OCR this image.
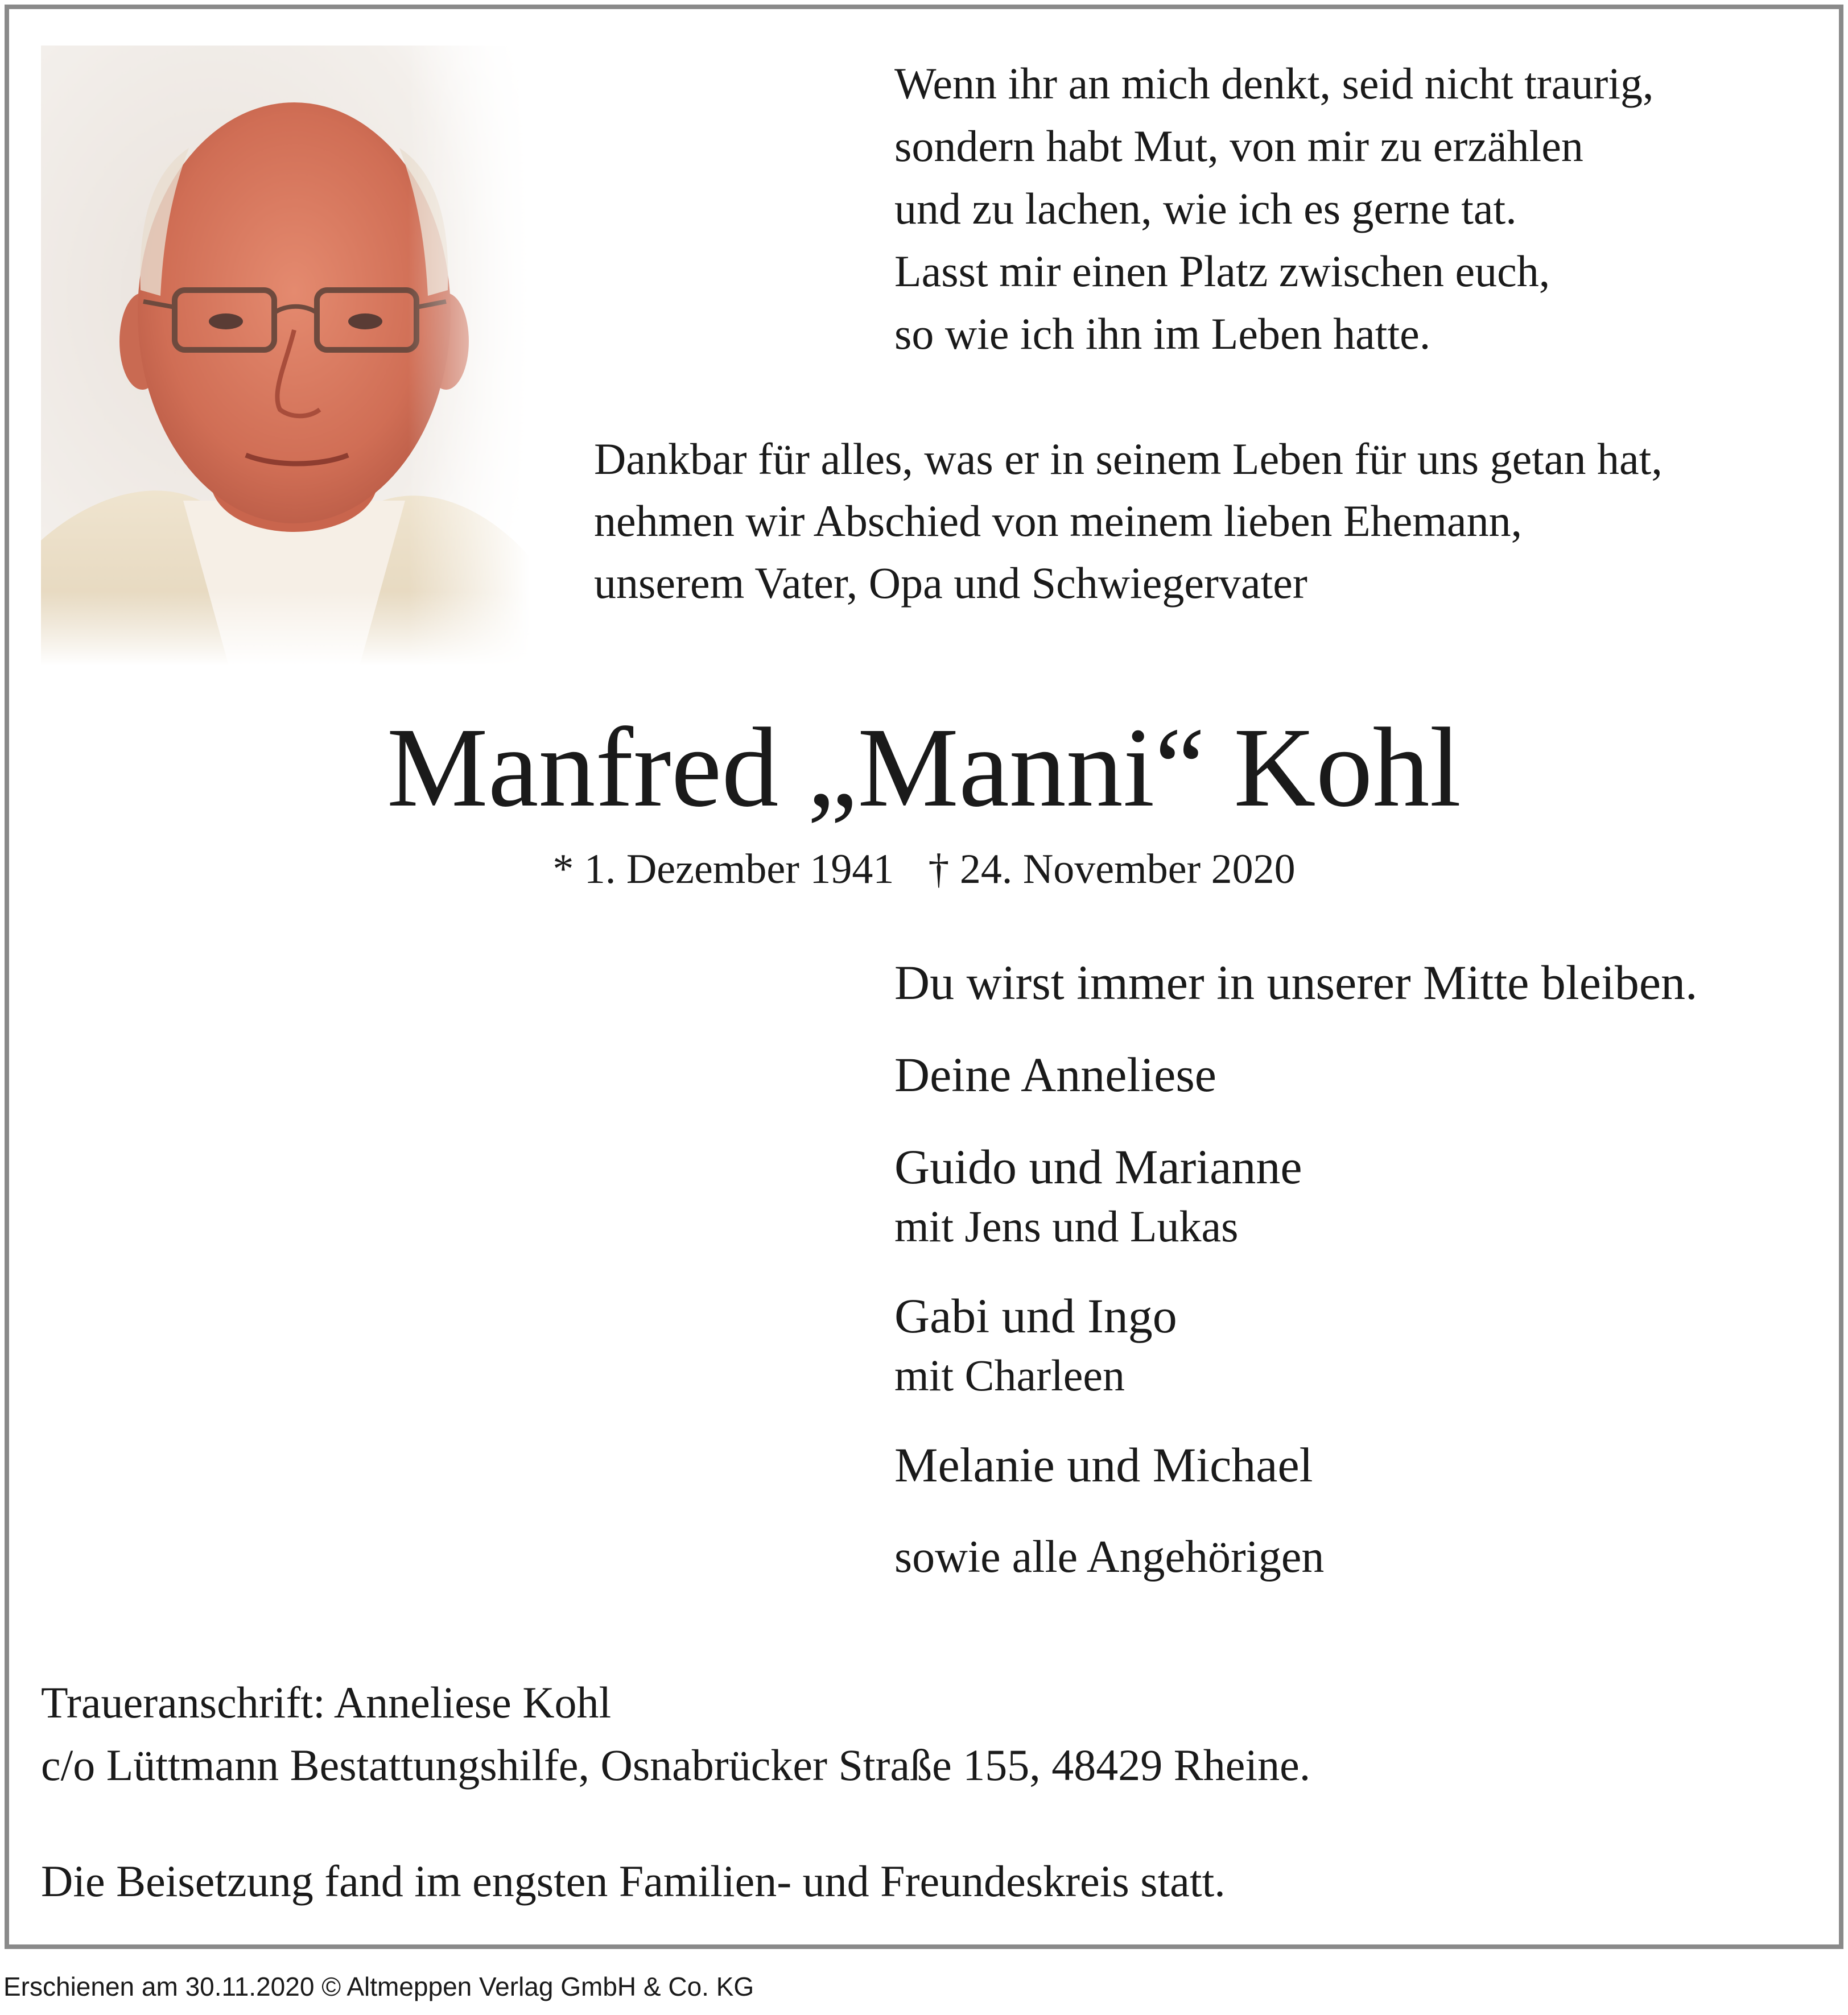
Wenn ihr an mich denkt, seid nicht traurig,
sondern habt Mut, von mir zu erzählen
und zu lachen, wie ich es gerne tat.
Lasst mir einen Platz zwischen euch,
so wie ich ihn im Leben hatte.
Dankbar für alles, was er in seinem Leben für uns getan hat,
nehmen wir Abschied von meinem lieben Ehemann,
unserem Vater, Opa und Schwiegervater
Manfred „Manni“ Kohl
* 1. Dezember 1941 † 24. November 2020
Du wirst immer in unserer Mitte bleiben.
Deine Anneliese
Guido und Marianne
mit Jens und Lukas
Gabi und Ingo
mit Charleen
Melanie und Michael
sowie alle Angehörigen
Traueranschrift: Anneliese Kohl
c/o Lüttmann Bestattungshilfe, Osnabrücker Straße 155, 48429 Rheine.
Die Beisetzung fand im engsten Familien- und Freundeskreis statt.
Erschienen am 30.11.2020 © Altmeppen Verlag GmbH & Co. KG
